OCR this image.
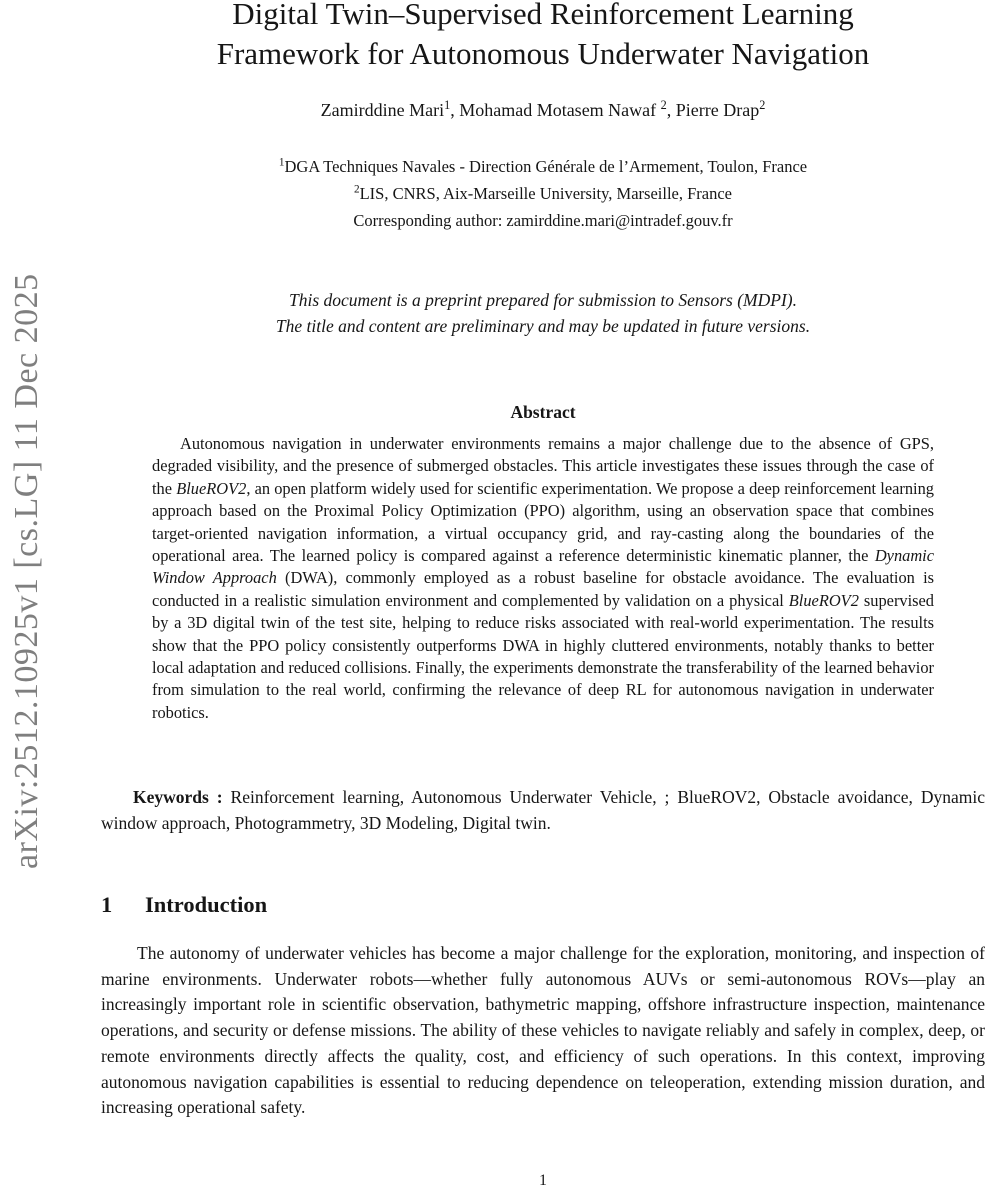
arXiv:2512.10925v1 [cs.LG] 11 Dec 2025
Digital Twin–Supervised Reinforcement Learning
Framework for Autonomous Underwater Navigation
Zamirddine Mari$^1$, Mohamad Motasem Nawaf $^2$, Pierre Drap$^2$
$^1$DGA Techniques Navales - Direction Générale de l’Armement, Toulon, France
$^2$LIS, CNRS, Aix-Marseille University, Marseille, France
Corresponding author: zamirddine.mari@intradef.gouv.fr
This document is a preprint prepared for submission to Sensors (MDPI).
The title and content are preliminary and may be updated in future versions.
Abstract

Autonomous navigation in underwater environments remains a major challenge due to the absence of GPS, degraded visibility, and the presence of submerged obstacles. This article investigates these issues through the case of the BlueROV2, an open platform widely used for scientific experimentation. We propose a deep reinforcement learning approach based on the Proximal Policy Optimization (PPO) algorithm, using an observation space that combines target-oriented navigation information, a virtual occupancy grid, and ray-casting along the boundaries of the operational area. The learned policy is compared against a reference deterministic kinematic planner, the Dynamic Window Approach (DWA), commonly employed as a robust baseline for obstacle avoidance. The evaluation is conducted in a realistic simulation environment and complemented by validation on a physical BlueROV2 supervised by a 3D digital twin of the test site, helping to reduce risks associated with real-world experimentation. The results show that the PPO policy consistently outperforms DWA in highly cluttered environments, notably thanks to better local adaptation and reduced collisions. Finally, the experiments demonstrate the transferability of the learned behavior from simulation to the real world, confirming the relevance of deep RL for autonomous navigation in underwater robotics.

Keywords : Reinforcement learning, Autonomous Underwater Vehicle, ; BlueROV2, Obstacle avoidance, Dynamic window approach, Photogrammetry, 3D Modeling, Digital twin.

1 Introduction

The autonomy of underwater vehicles has become a major challenge for the exploration, monitoring, and inspection of marine environments. Underwater robots—whether fully autonomous AUVs or semi-autonomous ROVs—play an increasingly important role in scientific observation, bathymetric mapping, offshore infrastructure inspection, maintenance operations, and security or defense missions. The ability of these vehicles to navigate reliably and safely in complex, deep, or remote environments directly affects the quality, cost, and efficiency of such operations. In this context, improving autonomous navigation capabilities is essential to reducing dependence on teleoperation, extending mission duration, and increasing operational safety.

1
